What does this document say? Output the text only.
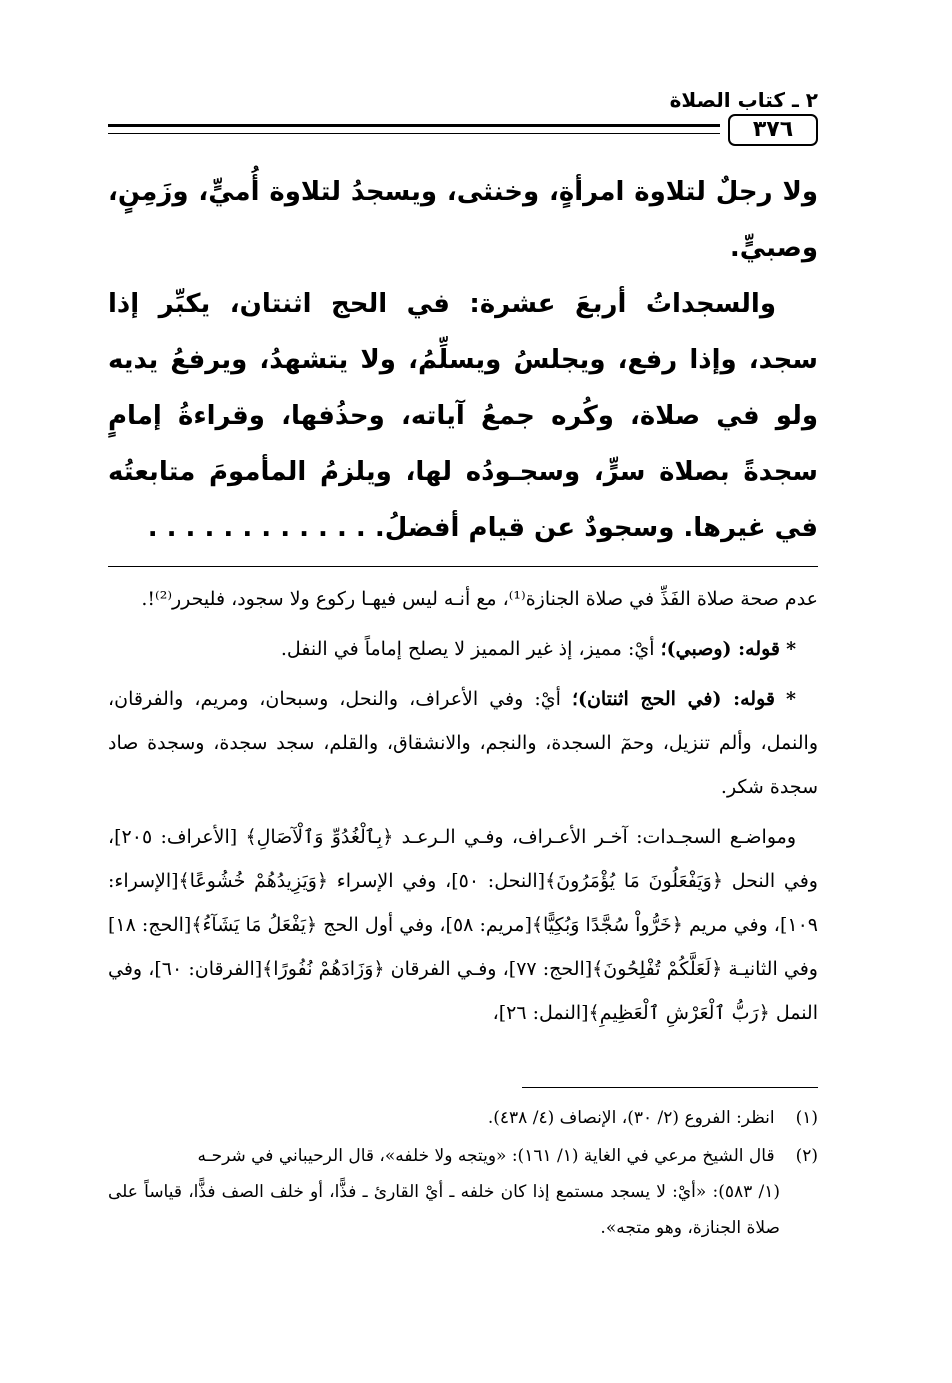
٢ ـ كتاب الصلاة
٣٧٦

ولا رجلٌ لتلاوة امرأةٍ، وخنثى، ويسجدُ لتلاوة أُميٍّ، وزَمِنٍ، وصبيٍّ.

والسجداتُ أربعَ عشرة: في الحج اثنتان، يكبِّر إذا سجد، وإذا رفع، ويجلسُ ويسلِّمُ، ولا يتشهدُ، ويرفعُ يديه ولو في صلاة، وكُره جمعُ آياته، وحذُفها، وقراءةُ إمامٍ سجدةً بصلاة سرٍّ، وسجـودُه لها، ويلزمُ المأمومَ متابعتُه في غيرها. وسجودٌ عن قيام أفضلُ. . . . . . . . . . . . .

عدم صحة صلاة الفَذِّ في صلاة الجنازة⁽¹⁾، مع أنـه ليس فيهـا ركوع ولا سجود، فليحرر⁽²⁾!.

* قوله: (وصبي)؛ أيْ: مميز، إذ غير المميز لا يصلح إماماً في النفل.

* قوله: (في الحج اثنتان)؛ أيْ: وفي الأعراف، والنحل، وسبحان، ومريم، والفرقان، والنمل، وألم تنزيل، وحمٓ السجدة، والنجم، والانشقاق، والقلم، سجد سجدة، وسجدة صاد سجدة شكر.

ومواضـع السجـدات: آخـر الأعـراف، وفـي الـرعـد ﴿بِٱلْغُدُوِّ وَٱلْآصَالِ﴾ [الأعراف: ٢٠٥]، وفي النحل ﴿وَيَفْعَلُونَ مَا يُؤْمَرُونَ﴾[النحل: ٥٠]، وفي الإسراء ﴿وَيَزِيدُهُمْ خُشُوعًا﴾[الإسراء: ١٠٩]، وفي مريم ﴿خَرُّواْ سُجَّدًا وَبُكِيًّا﴾[مريم: ٥٨]، وفي أول الحج ﴿يَفْعَلُ مَا يَشَآءُ﴾[الحج: ١٨] وفي الثانيـة ﴿لَعَلَّكُمْ تُفْلِحُونَ﴾[الحج: ٧٧]، وفـي الفرقان ﴿وَزَادَهُمْ نُفُورًا﴾[الفرقان: ٦٠]، وفي النمل ﴿رَبُّ ٱلْعَرْشِ ٱلْعَظِيمِ﴾[النمل: ٢٦]،

(١) انظر: الفروع (٢/ ٣٠)، الإنصاف (٤/ ٤٣٨).
(٢) قال الشيخ مرعي في الغاية (١/ ١٦١): «ويتجه ولا خلفه»، قال الرحيباني في شرحـه
(١/ ٥٨٣): «أيْ: لا يسجد مستمع إذا كان خلفه ـ أيْ القارئ ـ فذًّا، أو خلف الصف فذًّا، قياساً على صلاة الجنازة، وهو متجه».
